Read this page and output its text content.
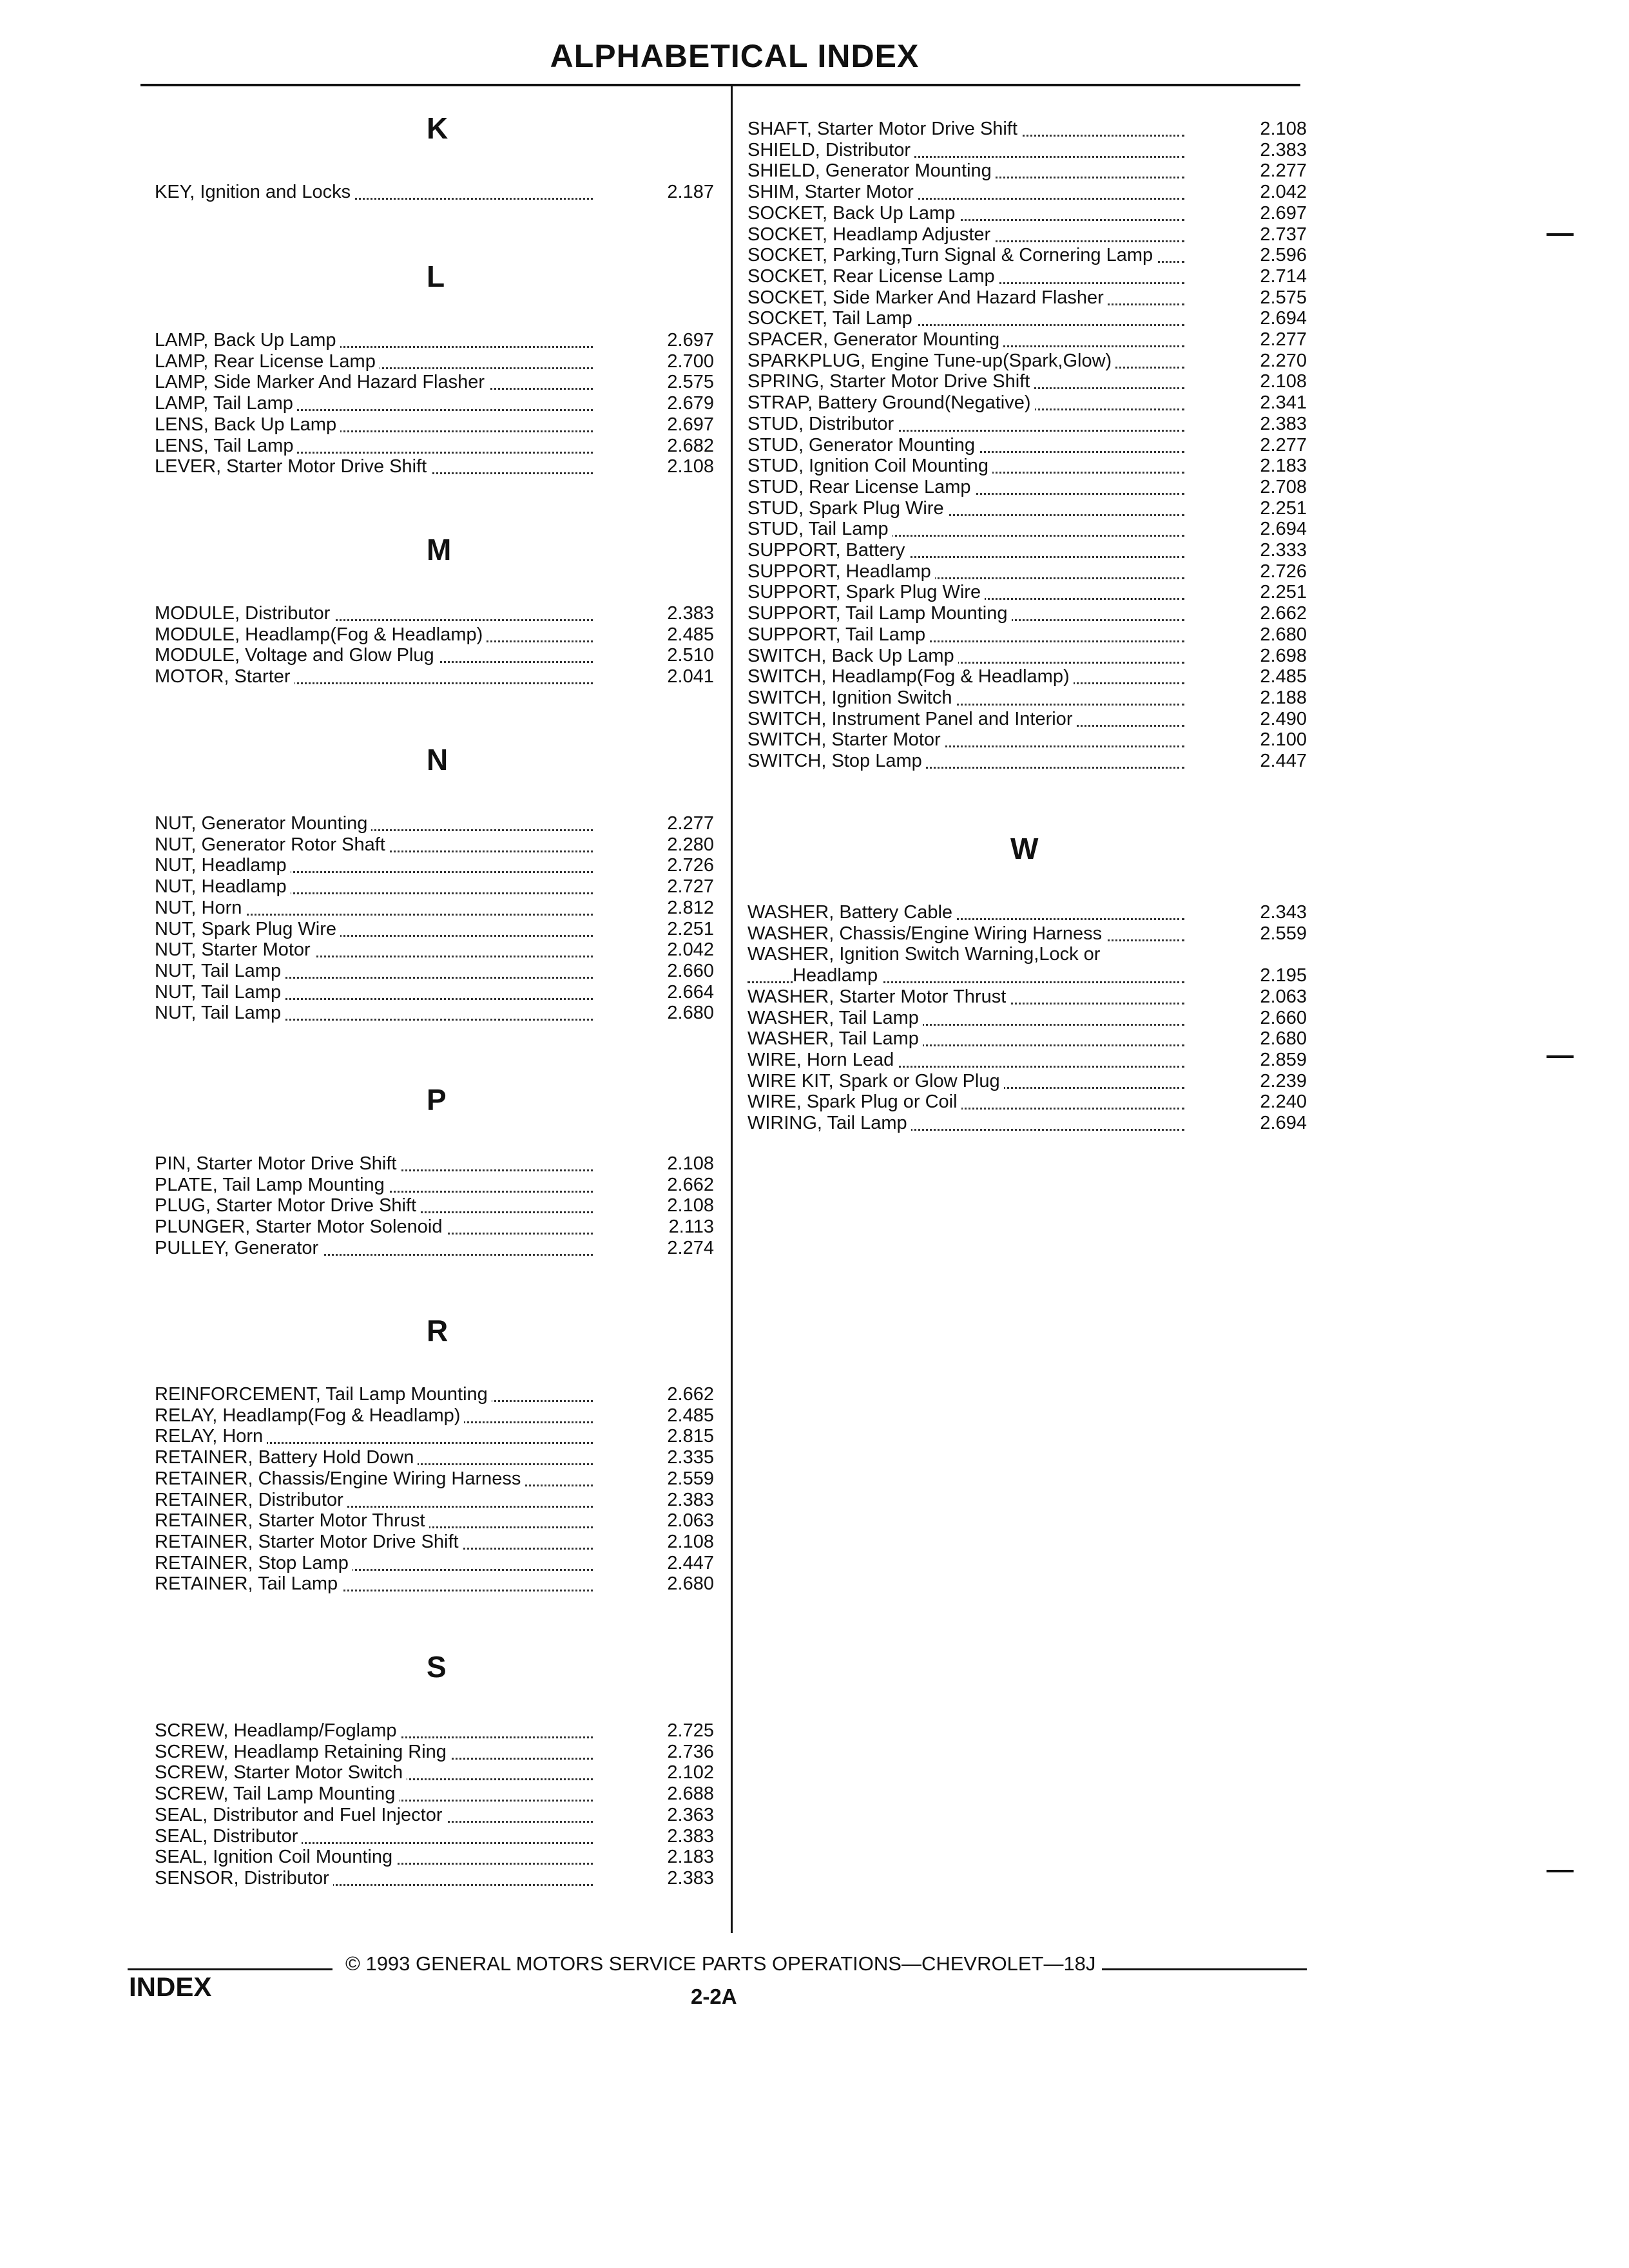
ALPHABETICAL INDEX
K
KEY, Ignition and Locks	2.187
L
LAMP, Back Up Lamp	2.697
LAMP, Rear License Lamp	2.700
LAMP, Side Marker And Hazard Flasher	2.575
LAMP, Tail Lamp	2.679
LENS, Back Up Lamp	2.697
LENS, Tail Lamp	2.682
LEVER, Starter Motor Drive Shift	2.108
M
MODULE, Distributor	2.383
MODULE, Headlamp(Fog & Headlamp)	2.485
MODULE, Voltage and Glow Plug	2.510
MOTOR, Starter	2.041
N
NUT, Generator Mounting	2.277
NUT, Generator Rotor Shaft	2.280
NUT, Headlamp	2.726
NUT, Headlamp	2.727
NUT, Horn	2.812
NUT, Spark Plug Wire	2.251
NUT, Starter Motor	2.042
NUT, Tail Lamp	2.660
NUT, Tail Lamp	2.664
NUT, Tail Lamp	2.680
P
PIN, Starter Motor Drive Shift	2.108
PLATE, Tail Lamp Mounting	2.662
PLUG, Starter Motor Drive Shift	2.108
PLUNGER, Starter Motor Solenoid	2.113
PULLEY, Generator	2.274
R
REINFORCEMENT, Tail Lamp Mounting	2.662
RELAY, Headlamp(Fog & Headlamp)	2.485
RELAY, Horn	2.815
RETAINER, Battery Hold Down	2.335
RETAINER, Chassis/Engine Wiring Harness	2.559
RETAINER, Distributor	2.383
RETAINER, Starter Motor Thrust	2.063
RETAINER, Starter Motor Drive Shift	2.108
RETAINER, Stop Lamp	2.447
RETAINER, Tail Lamp	2.680
S
SCREW, Headlamp/Foglamp	2.725
SCREW, Headlamp Retaining Ring	2.736
SCREW, Starter Motor Switch	2.102
SCREW, Tail Lamp Mounting	2.688
SEAL, Distributor and Fuel Injector	2.363
SEAL, Distributor	2.383
SEAL, Ignition Coil Mounting	2.183
SENSOR, Distributor	2.383
SHAFT, Starter Motor Drive Shift	2.108
SHIELD, Distributor	2.383
SHIELD, Generator Mounting	2.277
SHIM, Starter Motor	2.042
SOCKET, Back Up Lamp	2.697
SOCKET, Headlamp Adjuster	2.737
SOCKET, Parking,Turn Signal & Cornering Lamp	2.596
SOCKET, Rear License Lamp	2.714
SOCKET, Side Marker And Hazard Flasher	2.575
SOCKET, Tail Lamp	2.694
SPACER, Generator Mounting	2.277
SPARKPLUG, Engine Tune-up(Spark,Glow)	2.270
SPRING, Starter Motor Drive Shift	2.108
STRAP, Battery Ground(Negative)	2.341
STUD, Distributor	2.383
STUD, Generator Mounting	2.277
STUD, Ignition Coil Mounting	2.183
STUD, Rear License Lamp	2.708
STUD, Spark Plug Wire	2.251
STUD, Tail Lamp	2.694
SUPPORT, Battery	2.333
SUPPORT, Headlamp	2.726
SUPPORT, Spark Plug Wire	2.251
SUPPORT, Tail Lamp Mounting	2.662
SUPPORT, Tail Lamp	2.680
SWITCH, Back Up Lamp	2.698
SWITCH, Headlamp(Fog & Headlamp)	2.485
SWITCH, Ignition Switch	2.188
SWITCH, Instrument Panel and Interior	2.490
SWITCH, Starter Motor	2.100
SWITCH, Stop Lamp	2.447
W
WASHER, Battery Cable	2.343
WASHER, Chassis/Engine Wiring Harness	2.559
WASHER, Ignition Switch Warning,Lock or
Headlamp	2.195
WASHER, Starter Motor Thrust	2.063
WASHER, Tail Lamp	2.660
WASHER, Tail Lamp	2.680
WIRE, Horn Lead	2.859
WIRE KIT, Spark or Glow Plug	2.239
WIRE, Spark Plug or Coil	2.240
WIRING, Tail Lamp	2.694
© 1993 GENERAL MOTORS SERVICE PARTS OPERATIONS—CHEVROLET—18J
INDEX	2-2A
